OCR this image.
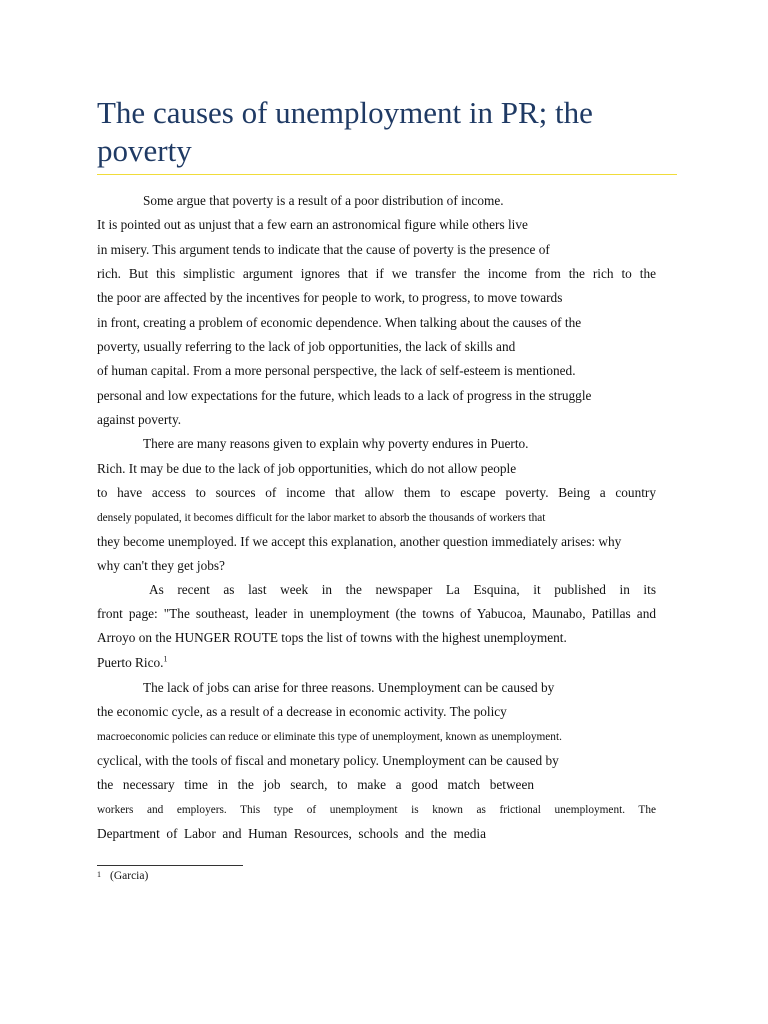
The causes of unemployment in PR; the poverty
Some argue that poverty is a result of a poor distribution of income.
It is pointed out as unjust that a few earn an astronomical figure while others live
in misery. This argument tends to indicate that the cause of poverty is the presence of
rich. But this simplistic argument ignores that if we transfer the income from the rich to the
the poor are affected by the incentives for people to work, to progress, to move towards
in front, creating a problem of economic dependence. When talking about the causes of the
poverty, usually referring to the lack of job opportunities, the lack of skills and
of human capital. From a more personal perspective, the lack of self-esteem is mentioned.
personal and low expectations for the future, which leads to a lack of progress in the struggle
against poverty.
There are many reasons given to explain why poverty endures in Puerto.
Rich. It may be due to the lack of job opportunities, which do not allow people
to have access to sources of income that allow them to escape poverty. Being a country
densely populated, it becomes difficult for the labor market to absorb the thousands of workers that
they become unemployed. If we accept this explanation, another question immediately arises: why
why can't they get jobs?
As recent as last week in the newspaper La Esquina, it published in its
front page: "The southeast, leader in unemployment (the towns of Yabucoa, Maunabo, Patillas and
Arroyo on the HUNGER ROUTE tops the list of towns with the highest unemployment.
Puerto Rico.$^1$
The lack of jobs can arise for three reasons. Unemployment can be caused by
the economic cycle, as a result of a decrease in economic activity. The policy
macroeconomic policies can reduce or eliminate this type of unemployment, known as unemployment.
cyclical, with the tools of fiscal and monetary policy. Unemployment can be caused by
the necessary time in the job search, to make a good match between
workers and employers. This type of unemployment is known as frictional unemployment. The
Department of Labor and Human Resources, schools and the media
1 (Garcia)
